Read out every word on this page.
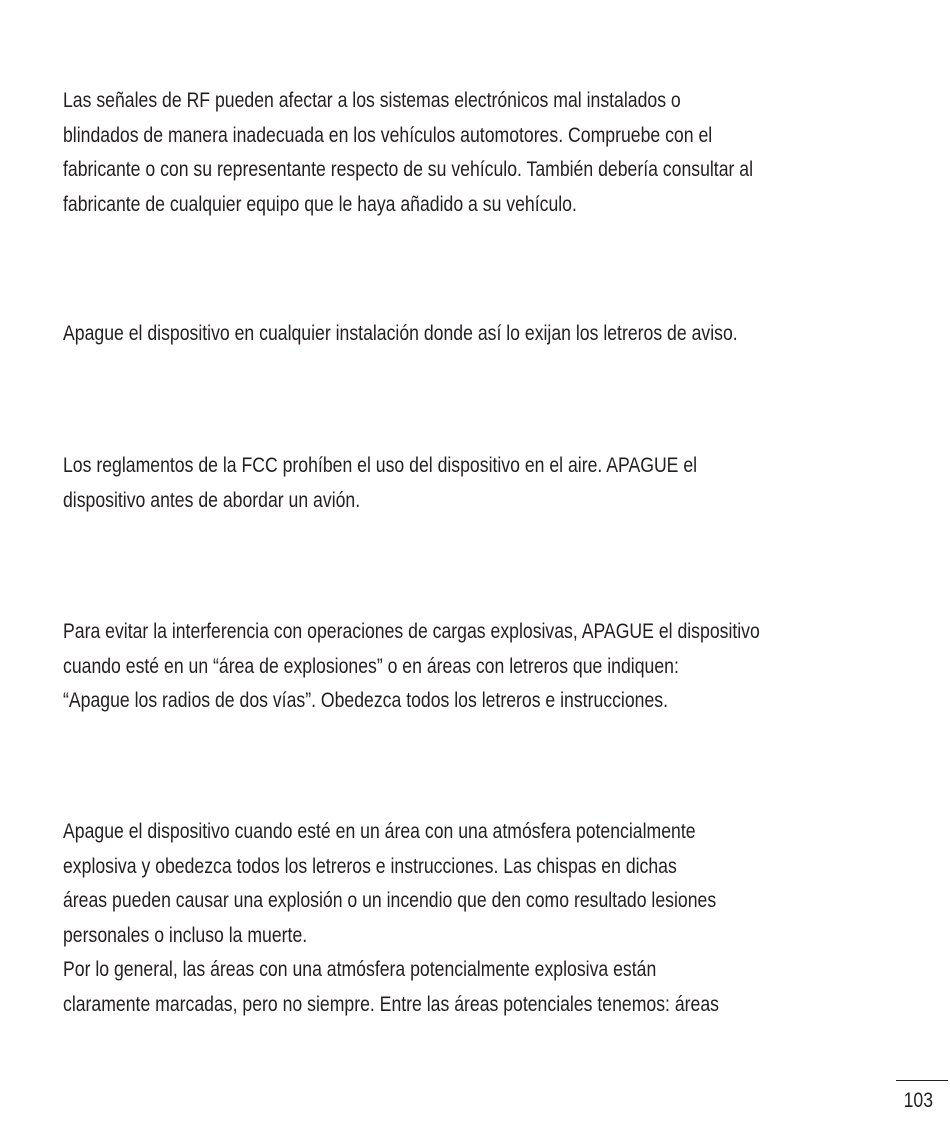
Las señales de RF pueden afectar a los sistemas electrónicos mal instalados o
blindados de manera inadecuada en los vehículos automotores. Compruebe con el
fabricante o con su representante respecto de su vehículo. También debería consultar al
fabricante de cualquier equipo que le haya añadido a su vehículo.

Apague el dispositivo en cualquier instalación donde así lo exijan los letreros de aviso.

Los reglamentos de la FCC prohíben el uso del dispositivo en el aire. APAGUE el
dispositivo antes de abordar un avión.

Para evitar la interferencia con operaciones de cargas explosivas, APAGUE el dispositivo
cuando esté en un “área de explosiones” o en áreas con letreros que indiquen:
“Apague los radios de dos vías”. Obedezca todos los letreros e instrucciones.

Apague el dispositivo cuando esté en un área con una atmósfera potencialmente
explosiva y obedezca todos los letreros e instrucciones. Las chispas en dichas
áreas pueden causar una explosión o un incendio que den como resultado lesiones
personales o incluso la muerte.
Por lo general, las áreas con una atmósfera potencialmente explosiva están
claramente marcadas, pero no siempre. Entre las áreas potenciales tenemos: áreas

103
